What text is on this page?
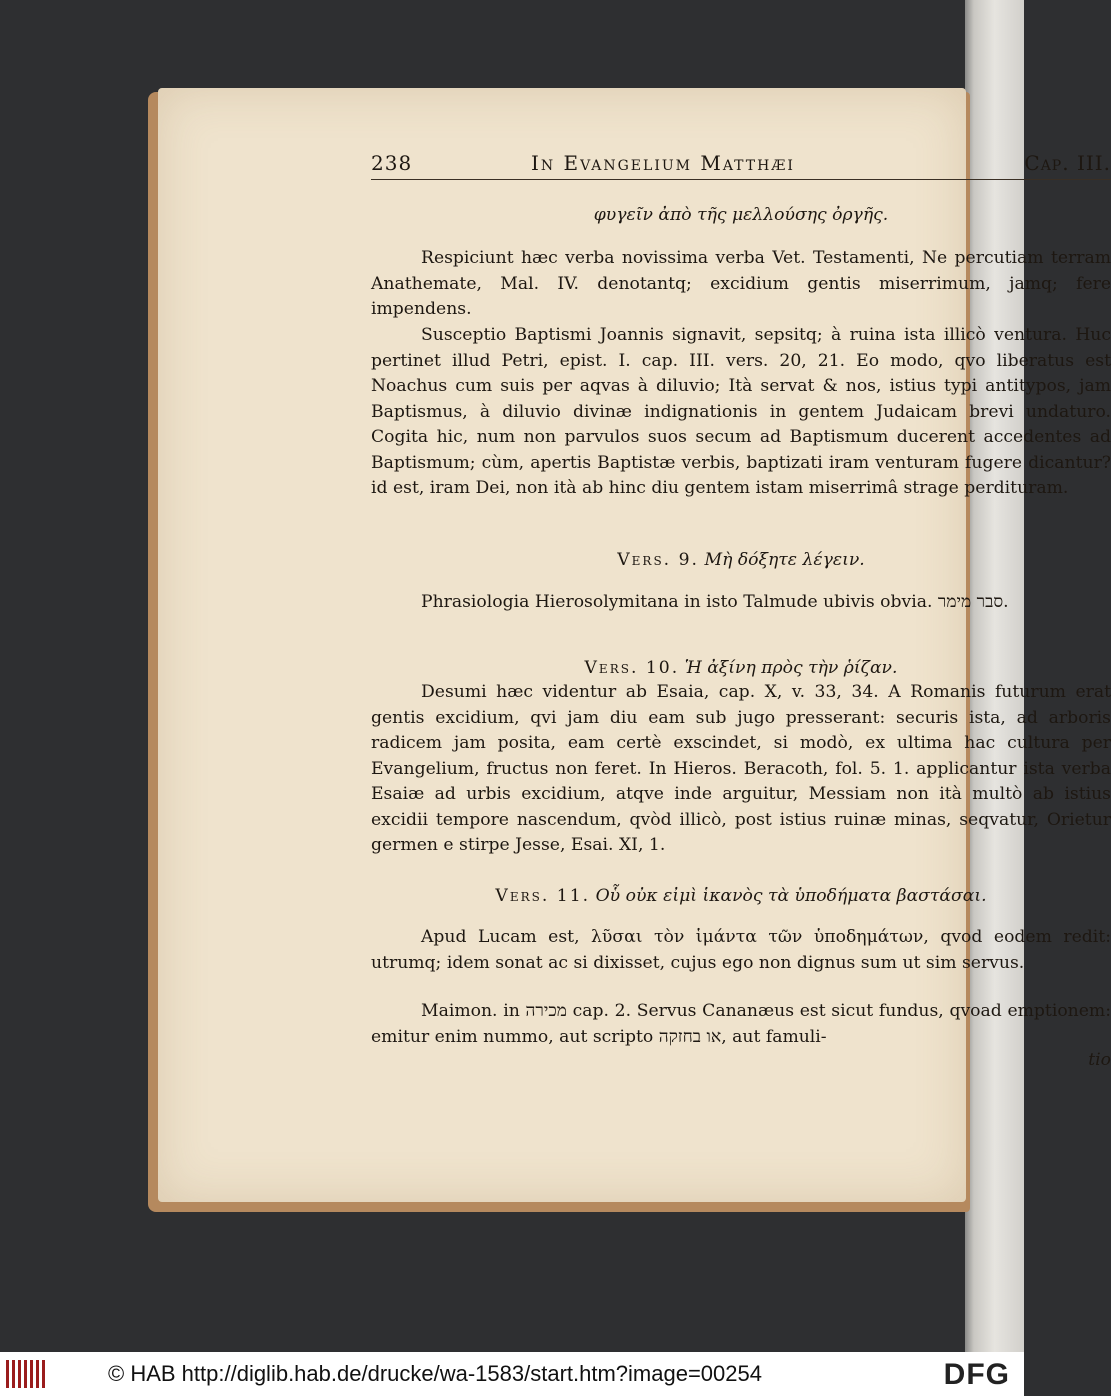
238	In Evangelium Matthæi	Cap. III.
φυγεῖν ἀπὸ τῆς μελλούσης ὀργῆς.
Respiciunt hæc verba novissima verba Vet. Testamenti, Ne percutiam terram Anathemate, Mal. IV. denotantq; excidium gentis miserrimum, jamq; fere impendens.
Susceptio Baptismi Joannis signavit, sepsitq; à ruina ista illicò ventura. Huc pertinet illud Petri, epist. I. cap. III. vers. 20, 21. Eo modo, qvo liberatus est Noachus cum suis per aqvas à diluvio; Ità servat & nos, istius typi antitypos, jam Baptismus, à diluvio divinæ indignationis in gentem Judaicam brevi undaturo. Cogita hic, num non parvulos suos secum ad Baptismum ducerent accedentes ad Baptismum; cùm, apertis Baptistæ verbis, baptizati iram venturam fugere dicantur? id est, iram Dei, non ità ab hinc diu gentem istam miserrimâ strage perdituram.
Vers. 9. Μὴ δόξητε λέγειν.
Phrasiologia Hierosolymitana in isto Talmude ubivis obvia. סבר מימר.
Vers. 10. Ἡ ἀξίνη πρὸς τὴν ῥίζαν.
Desumi hæc videntur ab Esaia, cap. X, v. 33, 34. A Romanis futurum erat gentis excidium, qvi jam diu eam sub jugo presserant: securis ista, ad arboris radicem jam posita, eam certè exscindet, si modò, ex ultima hac cultura per Evangelium, fructus non feret. In Hieros. Beracoth, fol. 5. 1. applicantur ista verba Esaiæ ad urbis excidium, atqve inde arguitur, Messiam non ità multò ab istius excidii tempore nascendum, qvòd illicò, post istius ruinæ minas, seqvatur, Orietur germen e stirpe Jesse, Esai. XI, 1.
Vers. 11. Οὗ οὐκ εἰμὶ ἱκανὸς τὰ ὑποδήματα βαστάσαι.
Apud Lucam est, λῦσαι τὸν ἱμάντα τῶν ὑποδημάτων, qvod eodem redit: utrumq; idem sonat ac si dixisset, cujus ego non dignus sum ut sim servus.
Maimon. in מכירה cap. 2. Servus Cananæus est sicut fundus, qvoad emptionem: emitur enim nummo, aut scripto או בחזקה, aut famuli-
tio
© HAB http://diglib.hab.de/drucke/wa-1583/start.htm?image=00254	DFG
